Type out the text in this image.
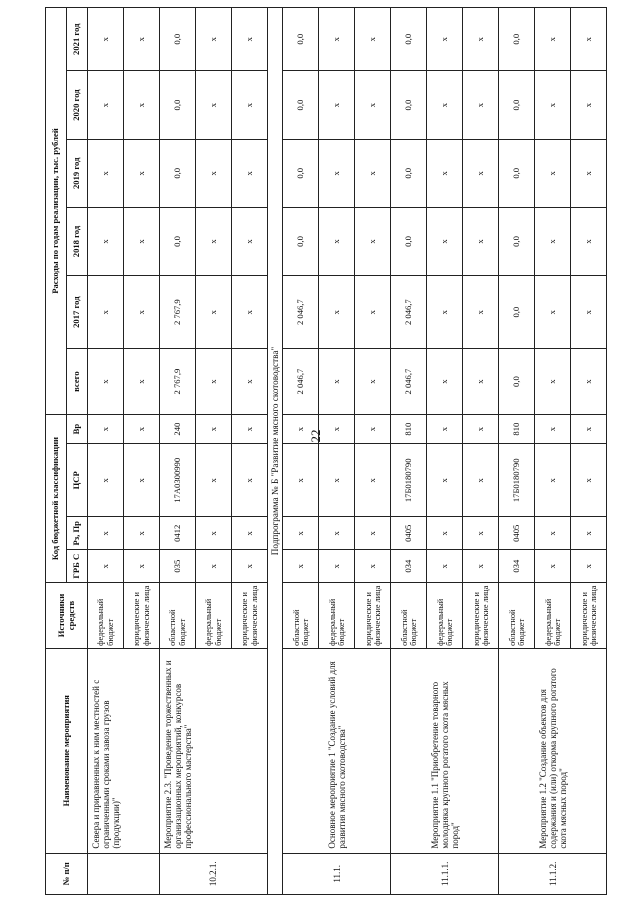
22
№ п/п	Наименование мероприятия	Источники средств	Код бюджетной классификации				Расходы по годам реализации, тыс. рублей					
			ГРБ С	Рз, Пр	ЦСР	Вр	всего	2017 год	2018 год	2019 год	2020 год	2021 год
	Севера и приравненных к ним местностей с ограниченными сроками завоза грузов (продукции)"	федеральный бюджет	x	x	x	x	x	x	x	x	x	x
		юридические и физические лица	x	x	x	x	x	x	x	x	x	x
10.2.1.	Мероприятие 2.3. "Проведение торжественных и организационных мероприятий, конкурсов профессионального мастерства"	областной бюджет	035	0412	17А0300990	240	2 767,9	2 767,9	0,0	0,0	0,0	0,0
		федеральный бюджет	x	x	x	x	x	x	x	x	x	x
		юридические и физические лица	x	x	x	x	x	x	x	x	x	x
Подпрограмма № Б "Развитие мясного скотоводства"												
11.1.	Основное мероприятие 1 "Создание условий для развития мясного скотоводства"	областной бюджет	x	x	x	x	2 046,7	2 046,7	0,0	0,0	0,0	0,0
		федеральный бюджет	x	x	x	x	x	x	x	x	x	x
		юридические и физические лица	x	x	x	x	x	x	x	x	x	x
11.1.1.	Мероприятие 1.1 "Приобретение товарного молодняка крупного рогатого скота мясных пород"	областной бюджет	034	0405	17Б0180790	810	2 046,7	2 046,7	0,0	0,0	0,0	0,0
		федеральный бюджет	x	x	x	x	x	x	x	x	x	x
		юридические и физические лица	x	x	x	x	x	x	x	x	x	x
11.1.2.	Мероприятие 1.2 "Создание объектов для содержания и (или) откорма крупного рогатого скота мясных пород"	областной бюджет	034	0405	17Б0180790	810	0,0	0,0	0,0	0,0	0,0	0,0
		федеральный бюджет	x	x	x	x	x	x	x	x	x	x
		юридические и физические лица	x	x	x	x	x	x	x	x	x	x
